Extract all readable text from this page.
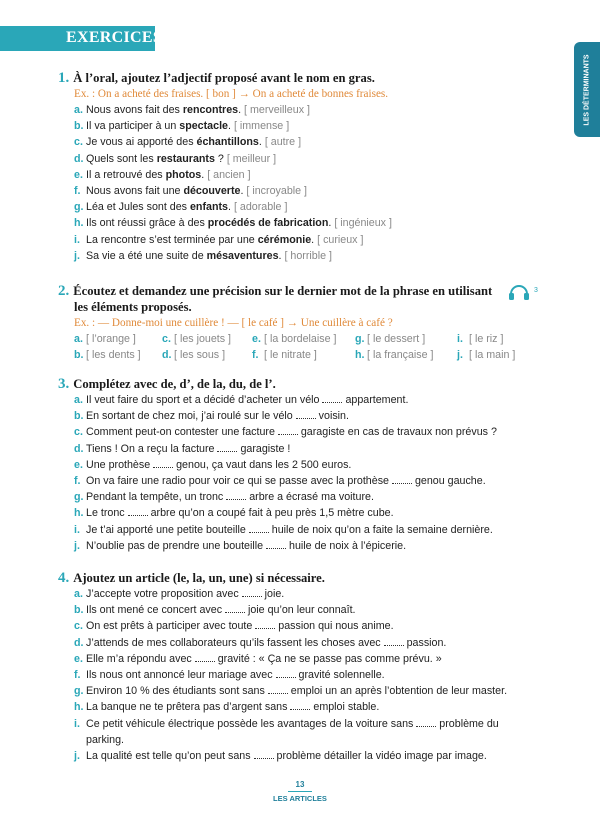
EXERCICES
LES DÉTERMINANTS
1. À l’oral, ajoutez l’adjectif proposé avant le nom en gras.
Ex. : On a acheté des fraises. [ bon ] → On a acheté de bonnes fraises.
a. Nous avons fait des rencontres. [ merveilleux ]
b. Il va participer à un spectacle. [ immense ]
c. Je vous ai apporté des échantillons. [ autre ]
d. Quels sont les restaurants ? [ meilleur ]
e. Il a retrouvé des photos. [ ancien ]
f. Nous avons fait une découverte. [ incroyable ]
g. Léa et Jules sont des enfants. [ adorable ]
h. Ils ont réussi grâce à des procédés de fabrication. [ ingénieux ]
i. La rencontre s’est terminée par une cérémonie. [ curieux ]
j. Sa vie a été une suite de mésaventures. [ horrible ]
2. Écoutez et demandez une précision sur le dernier mot de la phrase en utilisant
les éléments proposés.
Ex. : — Donne-moi une cuillère ! — [ le café ] → Une cuillère à café ?
a. [ l’orange ]	c. [ les jouets ]	e. [ la bordelaise ]	g. [ le dessert ]	i. [ le riz ]
b. [ les dents ]	d. [ les sous ]	f. [ le nitrate ]	h. [ la française ]	j. [ la main ]
3
3. Complétez avec de, d’, de la, du, de l’.
a. Il veut faire du sport et a décidé d’acheter un vélo  appartement.
b. En sortant de chez moi, j’ai roulé sur le vélo  voisin.
c. Comment peut-on contester une facture  garagiste en cas de travaux non prévus ?
d. Tiens ! On a reçu la facture  garagiste !
e. Une prothèse  genou, ça vaut dans les 2 500 euros.
f. On va faire une radio pour voir ce qui se passe avec la prothèse  genou gauche.
g. Pendant la tempête, un tronc  arbre a écrasé ma voiture.
h. Le tronc  arbre qu’on a coupé fait à peu près 1,5 mètre cube.
i. Je t’ai apporté une petite bouteille  huile de noix qu’on a faite la semaine dernière.
j. N’oublie pas de prendre une bouteille  huile de noix à l’épicerie.
4. Ajoutez un article (le, la, un, une) si nécessaire.
a. J’accepte votre proposition avec  joie.
b. Ils ont mené ce concert avec  joie qu’on leur connaît.
c. On est prêts à participer avec toute  passion qui nous anime.
d. J’attends de mes collaborateurs qu’ils fassent les choses avec  passion.
e. Elle m’a répondu avec  gravité : « Ça ne se passe pas comme prévu. »
f. Ils nous ont annoncé leur mariage avec  gravité solennelle.
g. Environ 10 % des étudiants sont sans  emploi un an après l’obtention de leur master.
h. La banque ne te prêtera pas d’argent sans  emploi stable.
i. Ce petit véhicule électrique possède les avantages de la voiture sans  problème du
parking.
j. La qualité est telle qu’on peut sans  problème détailler la vidéo image par image.
13
LES ARTICLES
